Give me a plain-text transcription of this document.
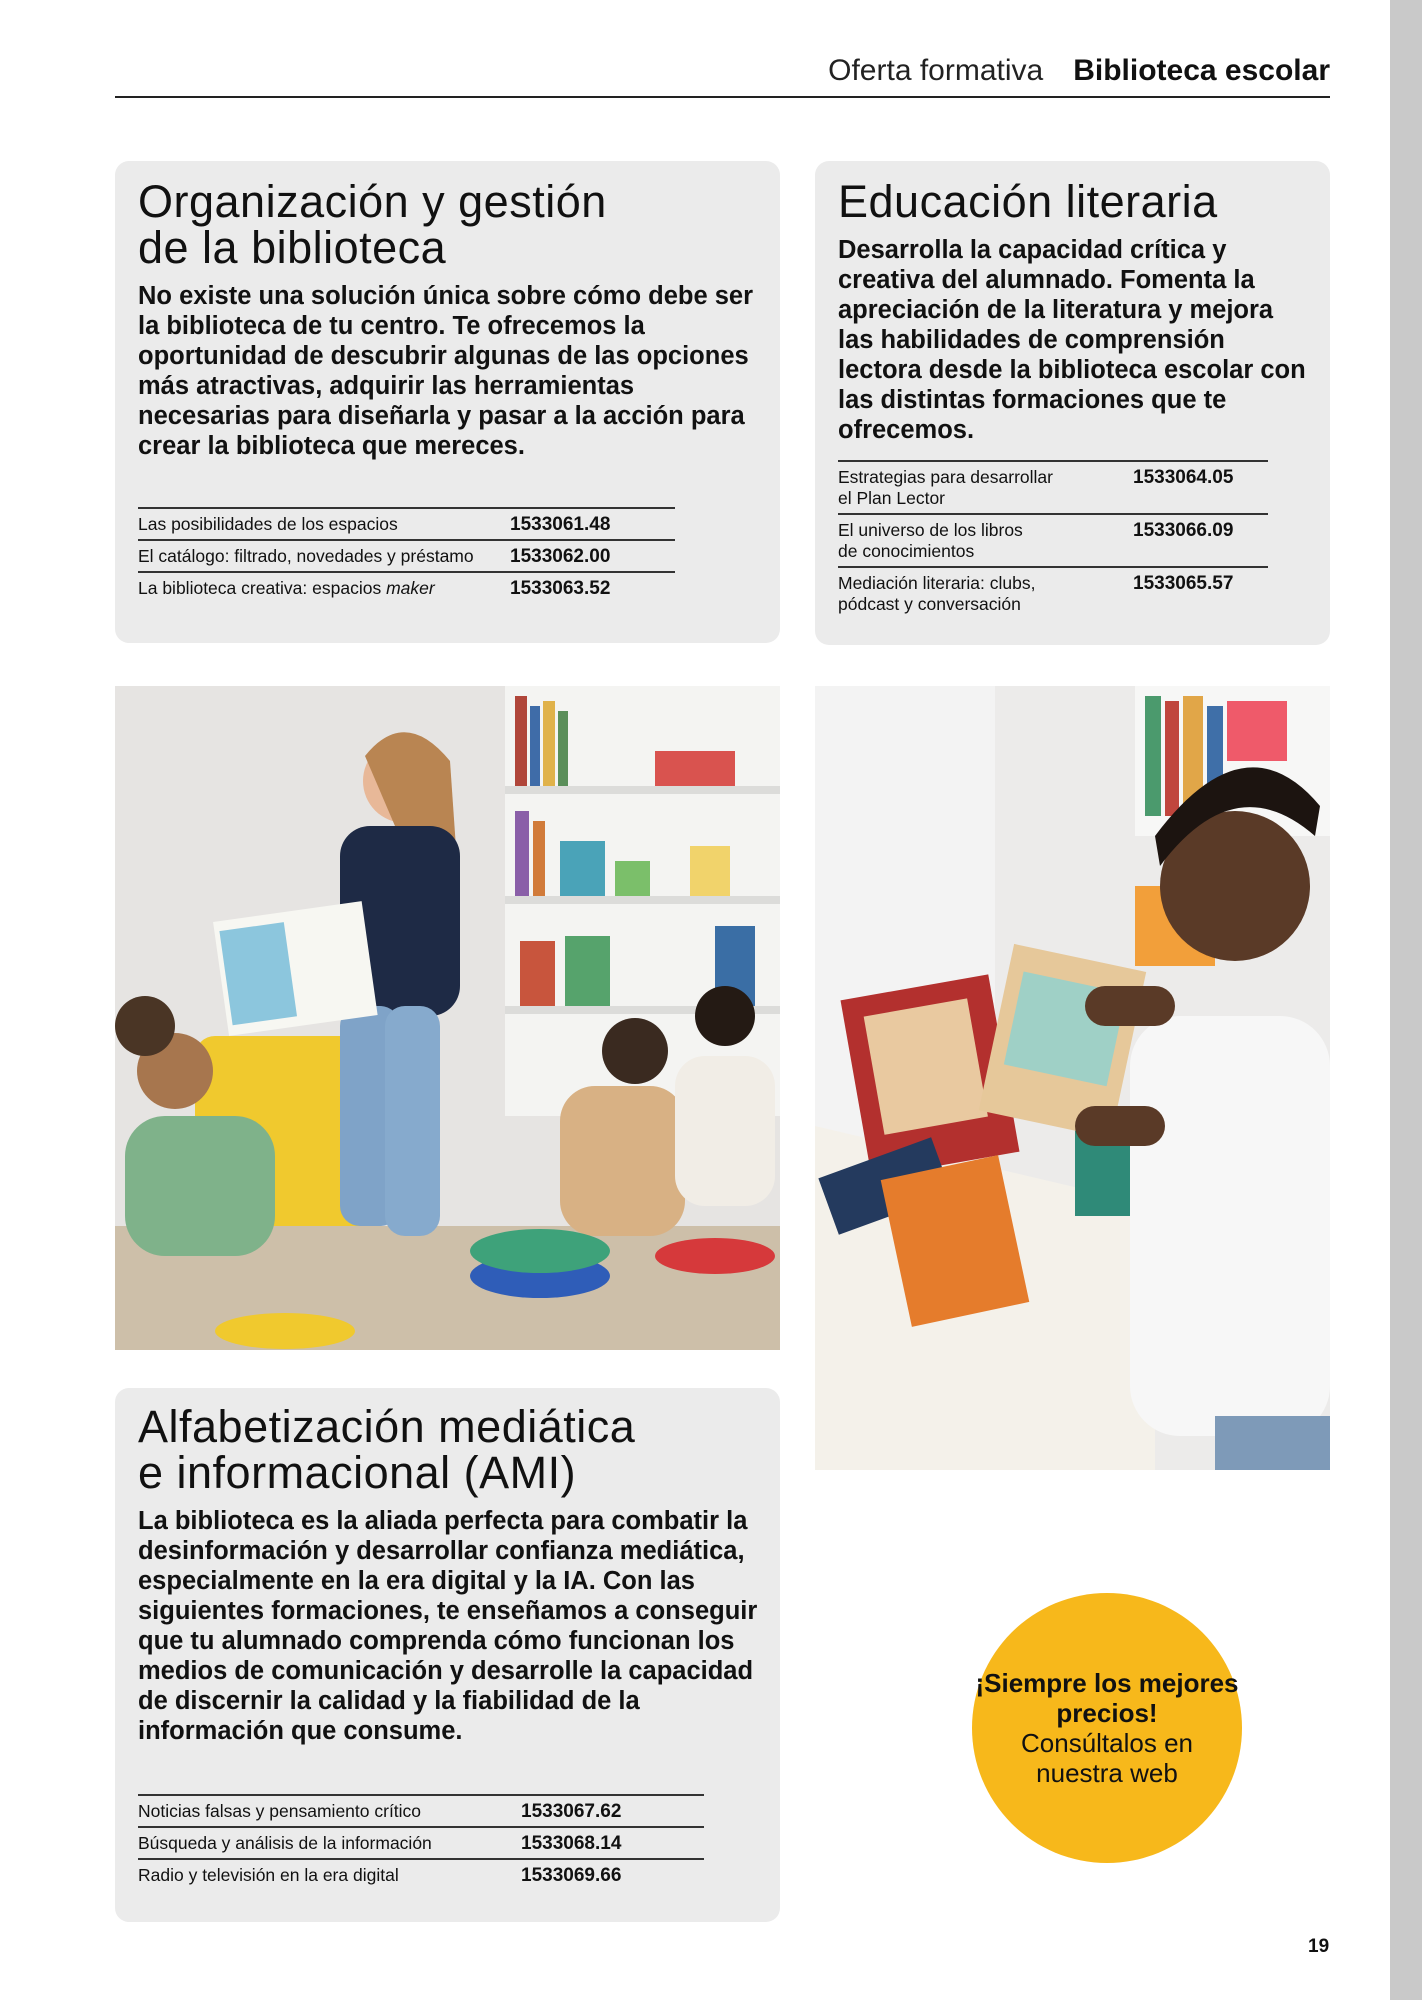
Oferta formativa Biblioteca escolar
Organización y gestión
de la biblioteca

No existe una solución única sobre cómo debe ser la biblioteca de tu centro. Te ofrecemos la oportunidad de descubrir algunas de las opciones más atractivas, adquirir las herramientas necesarias para diseñarla y pasar a la acción para crear la biblioteca que mereces.

Las posibilidades de los espacios	1533061.48
El catálogo: filtrado, novedades y préstamo	1533062.00
La biblioteca creativa: espacios maker	1533063.52
Educación literaria

Desarrolla la capacidad crítica y creativa del alumnado. Fomenta la apreciación de la literatura y mejora las habilidades de comprensión lectora desde la biblioteca escolar con las distintas formaciones que te ofrecemos.

Estrategias para desarrollar
el Plan Lector	1533064.05
El universo de los libros
de conocimientos	1533066.09
Mediación literaria: clubs,
pódcast y conversación	1533065.57
Alfabetización mediática
e informacional (AMI)

La biblioteca es la aliada perfecta para combatir la desinformación y desarrollar confianza mediática, especialmente en la era digital y la IA. Con las siguientes formaciones, te enseñamos a conseguir que tu alumnado comprenda cómo funcionan los medios de comunicación y desarrolle la capacidad de discernir la calidad y la fiabilidad de la información que consume.

Noticias falsas y pensamiento crítico	1533067.62
Búsqueda y análisis de la información	1533068.14
Radio y televisión en la era digital	1533069.66
¡Siempre los mejores precios!
Consúltalos en nuestra web
19
